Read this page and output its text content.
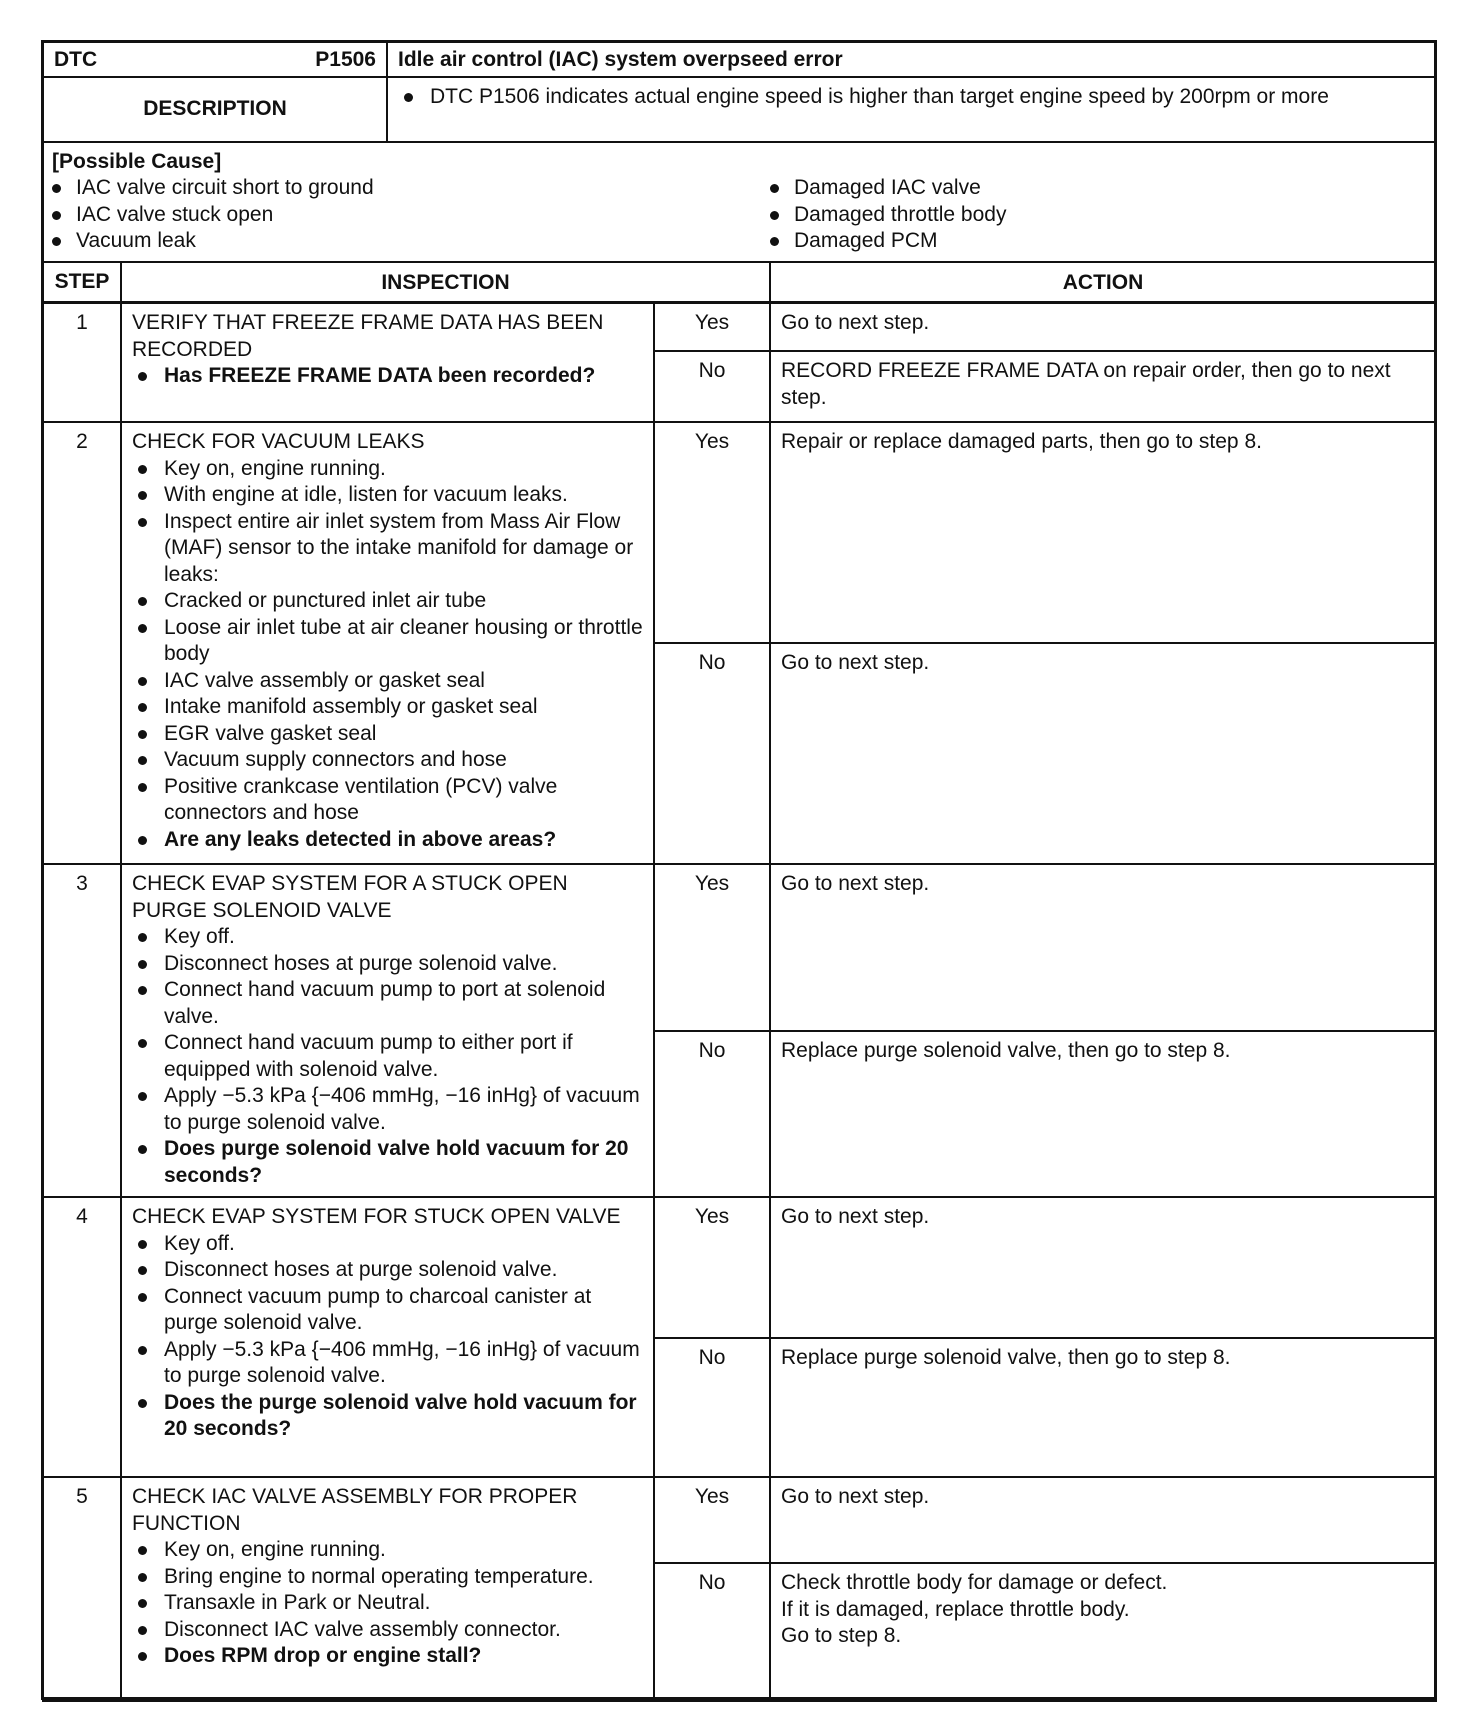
DTC	P1506	Idle air control (IAC) system overpseed error
DESCRIPTION
DTC P1506 indicates actual engine speed is higher than target engine speed by 200rpm or more
[Possible Cause]
IAC valve circuit short to ground
IAC valve stuck open
Vacuum leak
Damaged IAC valve
Damaged throttle body
Damaged PCM
STEP	INSPECTION	ACTION
1	VERIFY THAT FREEZE FRAME DATA HAS BEEN RECORDED
Has FREEZE FRAME DATA been recorded?
Yes	Go to next step.
No	RECORD FREEZE FRAME DATA on repair order, then go to next step.
2	CHECK FOR VACUUM LEAKS
Key on, engine running.
With engine at idle, listen for vacuum leaks.
Inspect entire air inlet system from Mass Air Flow (MAF) sensor to the intake manifold for damage or leaks:
Cracked or punctured inlet air tube
Loose air inlet tube at air cleaner housing or throttle body
IAC valve assembly or gasket seal
Intake manifold assembly or gasket seal
EGR valve gasket seal
Vacuum supply connectors and hose
Positive crankcase ventilation (PCV) valve connectors and hose
Are any leaks detected in above areas?
Yes	Repair or replace damaged parts, then go to step 8.
No	Go to next step.
3	CHECK EVAP SYSTEM FOR A STUCK OPEN PURGE SOLENOID VALVE
Key off.
Disconnect hoses at purge solenoid valve.
Connect hand vacuum pump to port at solenoid valve.
Connect hand vacuum pump to either port if equipped with solenoid valve.
Apply −5.3 kPa {−406 mmHg, −16 inHg} of vacuum to purge solenoid valve.
Does purge solenoid valve hold vacuum for 20 seconds?
Yes	Go to next step.
No	Replace purge solenoid valve, then go to step 8.
4	CHECK EVAP SYSTEM FOR STUCK OPEN VALVE
Key off.
Disconnect hoses at purge solenoid valve.
Connect vacuum pump to charcoal canister at purge solenoid valve.
Apply −5.3 kPa {−406 mmHg, −16 inHg} of vacuum to purge solenoid valve.
Does the purge solenoid valve hold vacuum for 20 seconds?
Yes	Go to next step.
No	Replace purge solenoid valve, then go to step 8.
5	CHECK IAC VALVE ASSEMBLY FOR PROPER FUNCTION
Key on, engine running.
Bring engine to normal operating temperature.
Transaxle in Park or Neutral.
Disconnect IAC valve assembly connector.
Does RPM drop or engine stall?
Yes	Go to next step.
No	Check throttle body for damage or defect.
If it is damaged, replace throttle body.
Go to step 8.
